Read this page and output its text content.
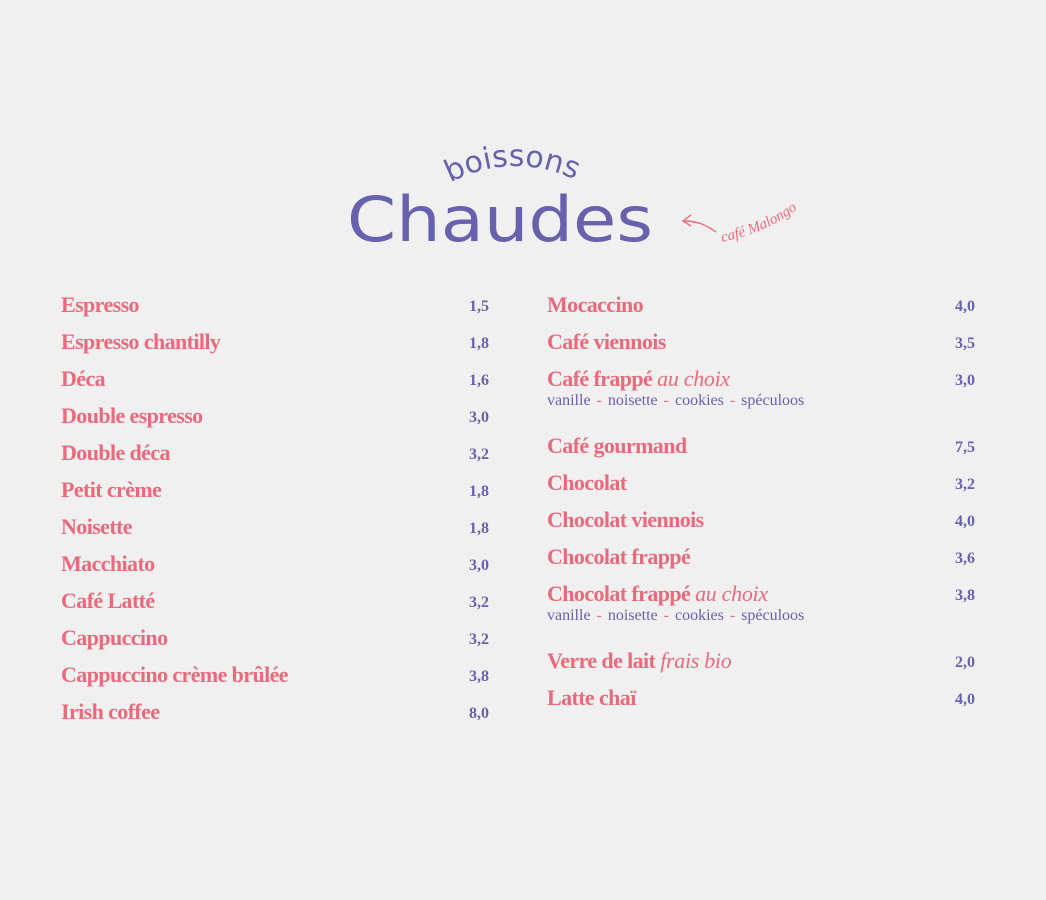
boissons
Chaudes	café Malongo
Espresso	1,5
Espresso chantilly	1,8
Déca	1,6
Double espresso	3,0
Double déca	3,2
Petit crème	1,8
Noisette	1,8
Macchiato	3,0
Café Latté	3,2
Cappuccino	3,2
Cappuccino crème brûlée	3,8
Irish coffee	8,0
Mocaccino	4,0
Café viennois	3,5
Café frappé au choix	3,0
vanille - noisette - cookies - spéculoos
Café gourmand	7,5
Chocolat	3,2
Chocolat viennois	4,0
Chocolat frappé	3,6
Chocolat frappé au choix	3,8
vanille - noisette - cookies - spéculoos
Verre de lait frais bio	2,0
Latte chaï	4,0
